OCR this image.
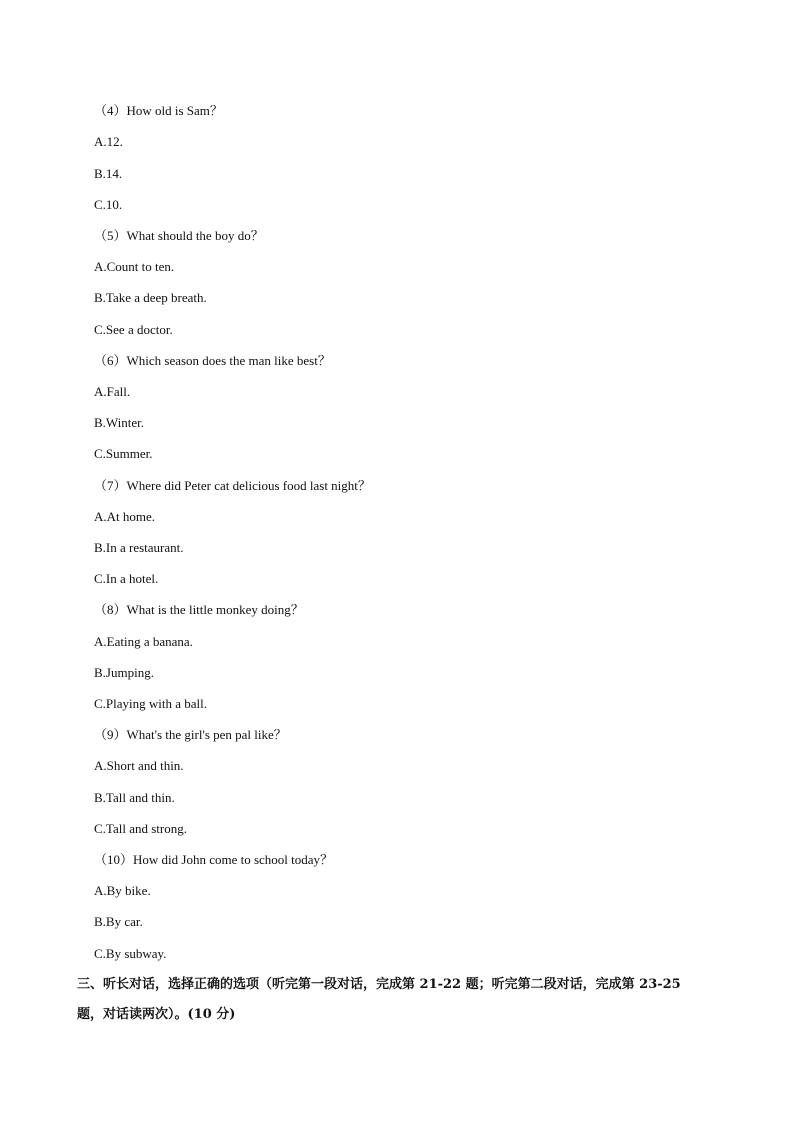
（4）How old is Sam？
A.12.
B.14.
C.10.
（5）What should the boy do？
A.Count to ten.
B.Take a deep breath.
C.See a doctor.
（6）Which season does the man like best？
A.Fall.
B.Winter.
C.Summer.
（7）Where did Peter cat delicious food last night？
A.At home.
B.In a restaurant.
C.In a hotel.
（8）What is the little monkey doing？
A.Eating a banana.
B.Jumping.
C.Playing with a ball.
（9）What's the girl's pen pal like？
A.Short and thin.
B.Tall and thin.
C.Tall and strong.
（10）How did John come to school today？
A.By bike.
B.By car.
C.By subway.
三、听长对话，选择正确的选项（听完第一段对话，完成第 21-22 题；听完第二段对话，完成第 23-25
题，对话读两次）。(10 分)
